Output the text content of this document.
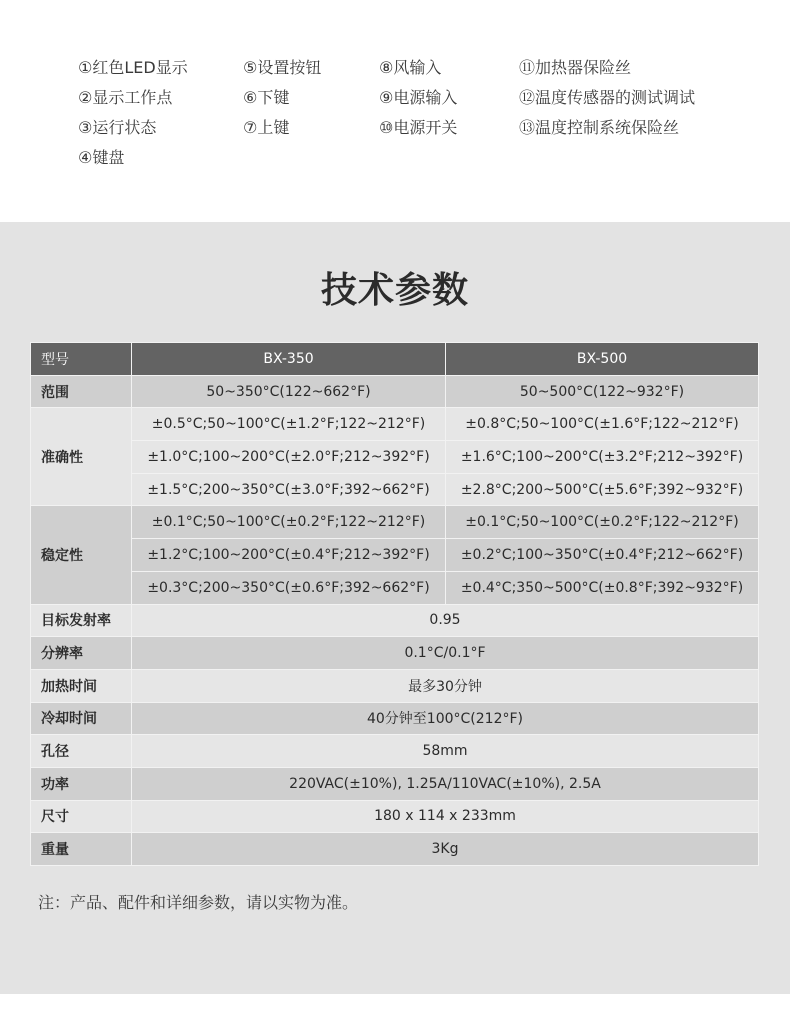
①红色LED显示
②显示工作点
③运行状态
④键盘
⑤设置按钮
⑥下键
⑦上键
⑧风输入
⑨电源输入
⑩电源开关
⑪加热器保险丝
⑫温度传感器的测试调试
⑬温度控制系统保险丝
技术参数
型号	BX-350	BX-500
范围	50~350°C(122~662°F)	50~500°C(122~932°F)
准确性	±0.5°C;50~100°C(±1.2°F;122~212°F)	±0.8°C;50~100°C(±1.6°F;122~212°F)
	±1.0°C;100~200°C(±2.0°F;212~392°F)	±1.6°C;100~200°C(±3.2°F;212~392°F)
	±1.5°C;200~350°C(±3.0°F;392~662°F)	±2.8°C;200~500°C(±5.6°F;392~932°F)
稳定性	±0.1°C;50~100°C(±0.2°F;122~212°F)	±0.1°C;50~100°C(±0.2°F;122~212°F)
	±1.2°C;100~200°C(±0.4°F;212~392°F)	±0.2°C;100~350°C(±0.4°F;212~662°F)
	±0.3°C;200~350°C(±0.6°F;392~662°F)	±0.4°C;350~500°C(±0.8°F;392~932°F)
目标发射率	0.95	
分辨率	0.1°C/0.1°F	
加热时间	最多30分钟	
冷却时间	40分钟至100°C(212°F)	
孔径	58mm	
功率	220VAC(±10%), 1.25A/110VAC(±10%), 2.5A	
尺寸	180 x 114 x 233mm	
重量	3Kg	
注：产品、配件和详细参数，请以实物为准。
